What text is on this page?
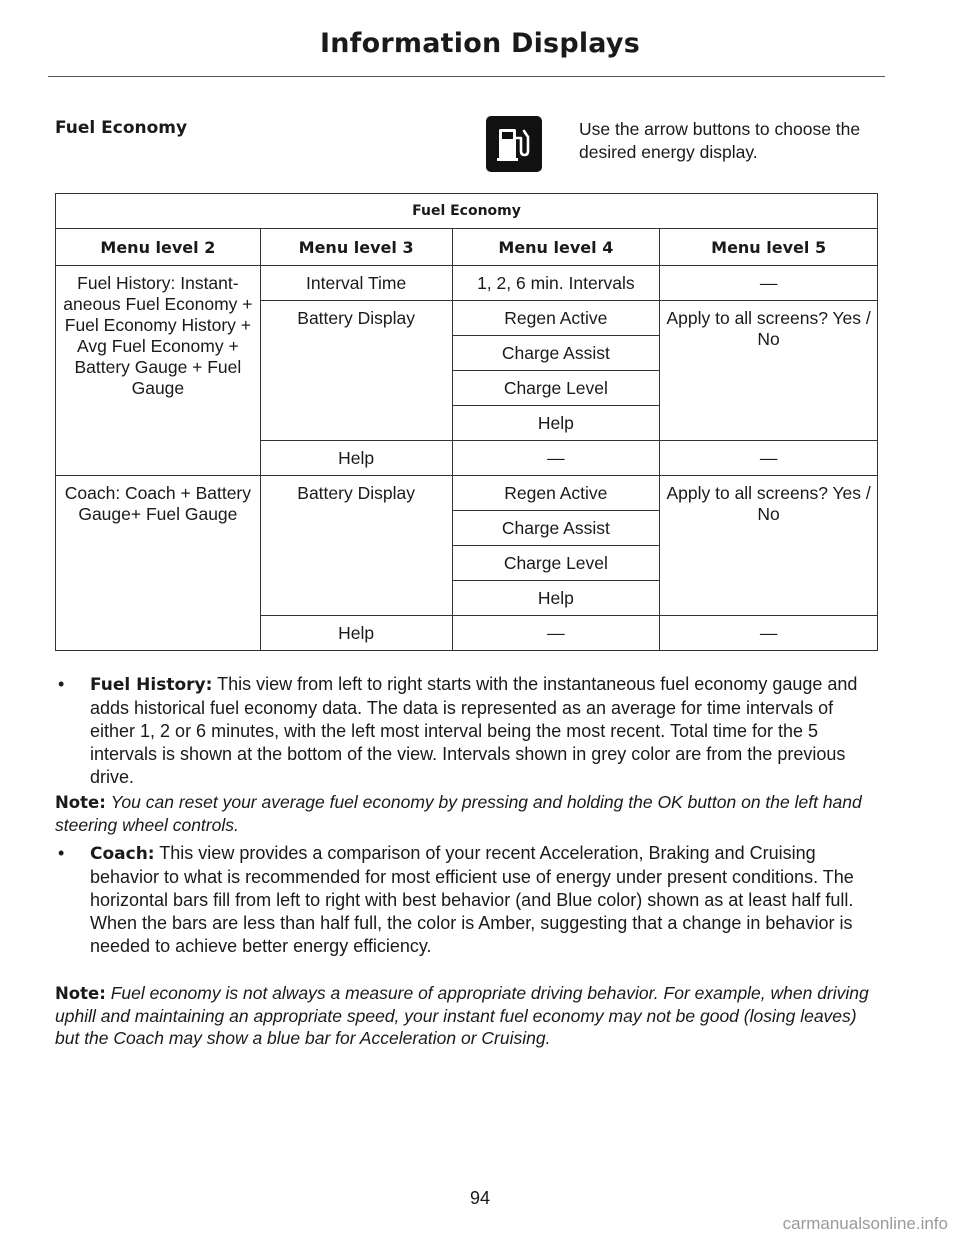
Information Displays
Fuel Economy	Use the arrow buttons to choose the desired energy display.
Fuel Economy			
Menu level 2	Menu level 3	Menu level 4	Menu level 5
Fuel History: Instant-aneous Fuel Economy + Fuel Economy History + Avg Fuel Economy + Battery Gauge + Fuel Gauge	Interval Time	1, 2, 6 min. Intervals	—
	Battery Display	Regen Active	Apply to all screens? Yes / No
		Charge Assist	
		Charge Level	
		Help	
	Help	—	—
Coach: Coach + Battery Gauge+ Fuel Gauge	Battery Display	Regen Active	Apply to all screens? Yes / No
		Charge Assist	
		Charge Level	
		Help	
	Help	—	—
• Fuel History: This view from left to right starts with the instantaneous fuel economy gauge and adds historical fuel economy data. The data is represented as an average for time intervals of either 1, 2 or 6 minutes, with the left most interval being the most recent. Total time for the 5 intervals is shown at the bottom of the view. Intervals shown in grey color are from the previous drive.
Note: You can reset your average fuel economy by pressing and holding the OK button on the left hand steering wheel controls.
• Coach: This view provides a comparison of your recent Acceleration, Braking and Cruising behavior to what is recommended for most efficient use of energy under present conditions. The horizontal bars fill from left to right with best behavior (and Blue color) shown as at least half full. When the bars are less than half full, the color is Amber, suggesting that a change in behavior is needed to achieve better energy efficiency.
Note: Fuel economy is not always a measure of appropriate driving behavior. For example, when driving uphill and maintaining an appropriate speed, your instant fuel economy may not be good (losing leaves) but the Coach may show a blue bar for Acceleration or Cruising.
94
carmanualsonline.info
